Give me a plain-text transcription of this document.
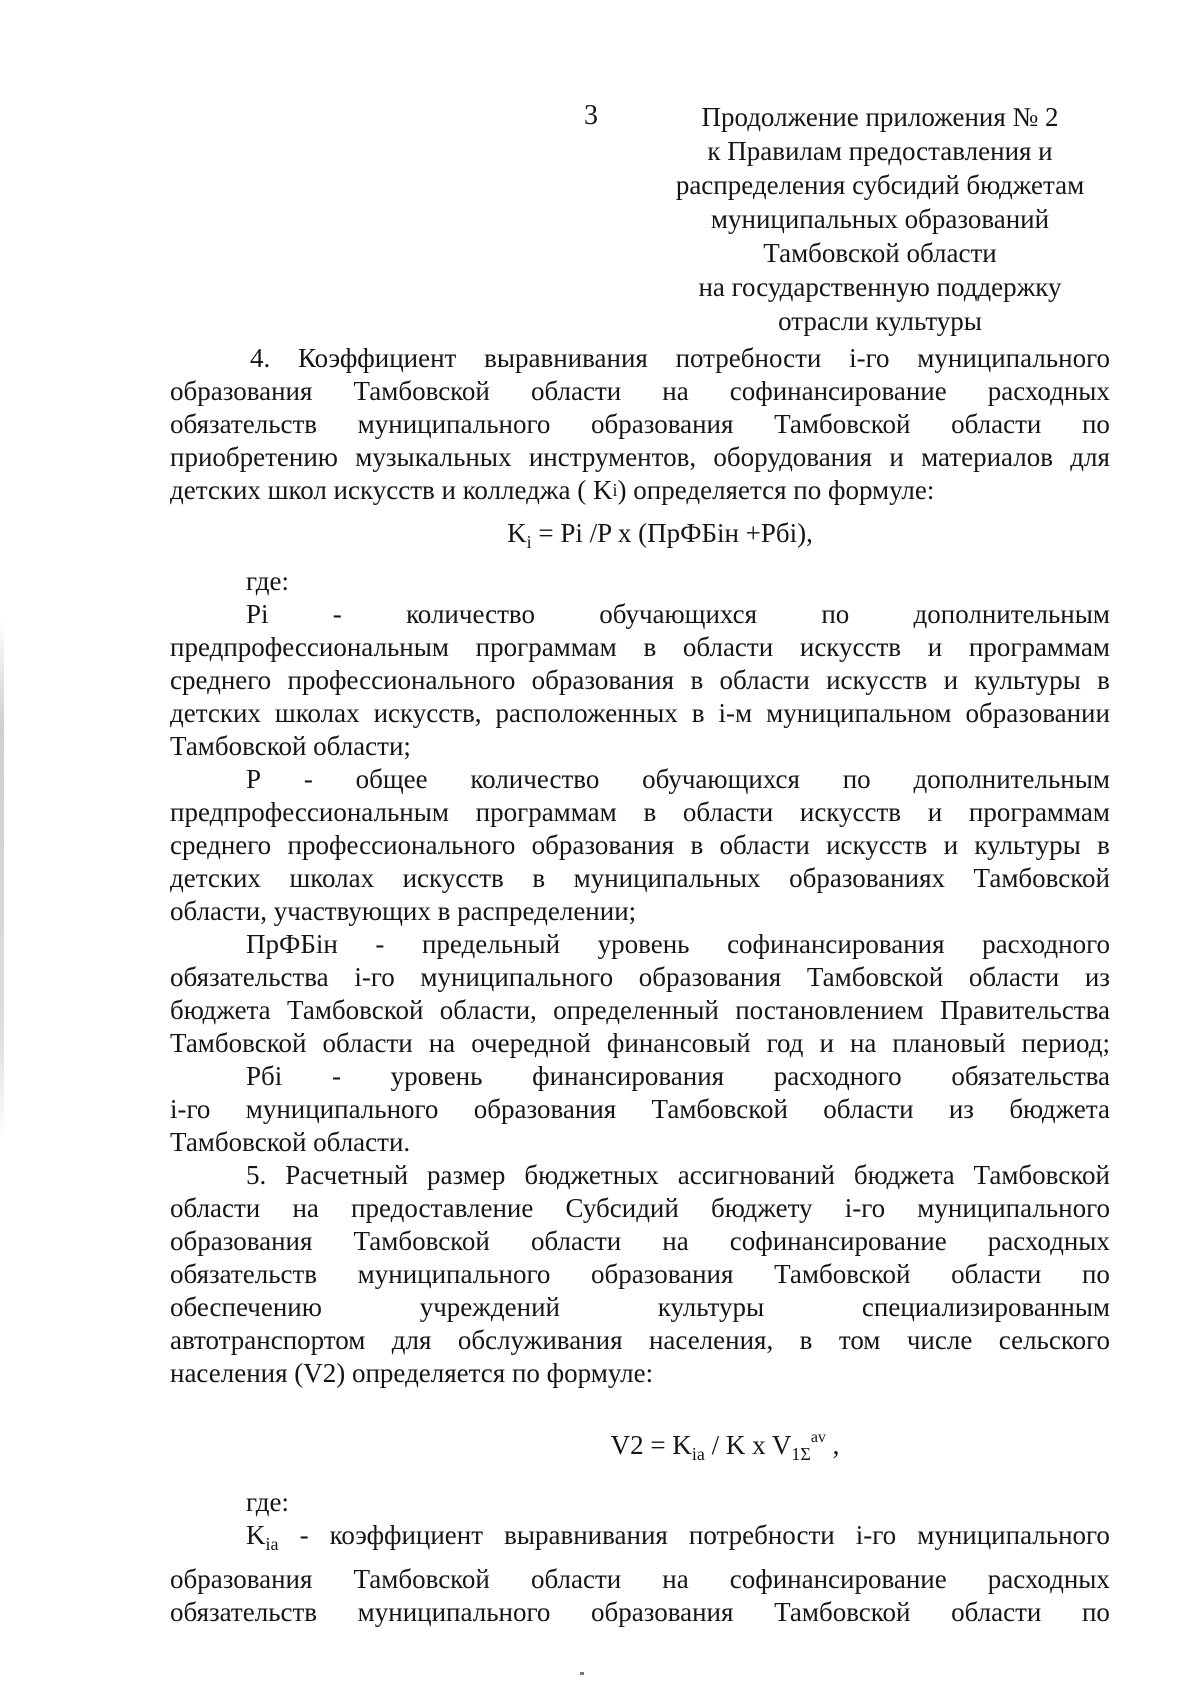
3	Продолжение приложения № 2
к Правилам предоставления и
распределения субсидий бюджетам
муниципальных образований
Тамбовской области
на государственную поддержку
отрасли культуры
4. Коэффициент выравнивания потребности i-го муниципального
образования Тамбовской области на софинансирование расходных
обязательств муниципального образования Тамбовской области по
приобретению музыкальных инструментов, оборудования и материалов для
детских школ искусств и колледжа ( K i ) определяется по формуле:
$K_i = Pi$ /P x (ПрФБiн +Рбi),
где:
Pi - количество обучающихся по дополнительным
предпрофессиональным программам в области искусств и программам
среднего профессионального образования в области искусств и культуры в
детских школах искусств, расположенных в i-м муниципальном образовании
Тамбовской области;
P - общее количество обучающихся по дополнительным
предпрофессиональным программам в области искусств и программам
среднего профессионального образования в области искусств и культуры в
детских школах искусств в муниципальных образованиях Тамбовской
области, участвующих в распределении;
ПрФБiн - предельный уровень софинансирования расходного
обязательства i-го муниципального образования Тамбовской области из
бюджета Тамбовской области, определенный постановлением Правительства
Тамбовской области на очередной финансовый год и на плановый период;
Рбi - уровень финансирования расходного обязательства
i-го муниципального образования Тамбовской области из бюджета
Тамбовской области.
5. Расчетный размер бюджетных ассигнований бюджета Тамбовской
области на предоставление Субсидий бюджету i-го муниципального
образования Тамбовской области на софинансирование расходных
обязательств муниципального образования Тамбовской области по
обеспечению	учреждений	культуры	специализированным
автотранспортом для обслуживания населения, в том числе сельского
населения (V2) определяется по формуле:
$V2 = K_{ia} / K$ x $V_{1\Sigma}^{av}$ ,
где:
$K_{ia}$ - коэффициент выравнивания потребности i-го муниципального
образования Тамбовской области на софинансирование расходных
обязательств муниципального образования Тамбовской области по
